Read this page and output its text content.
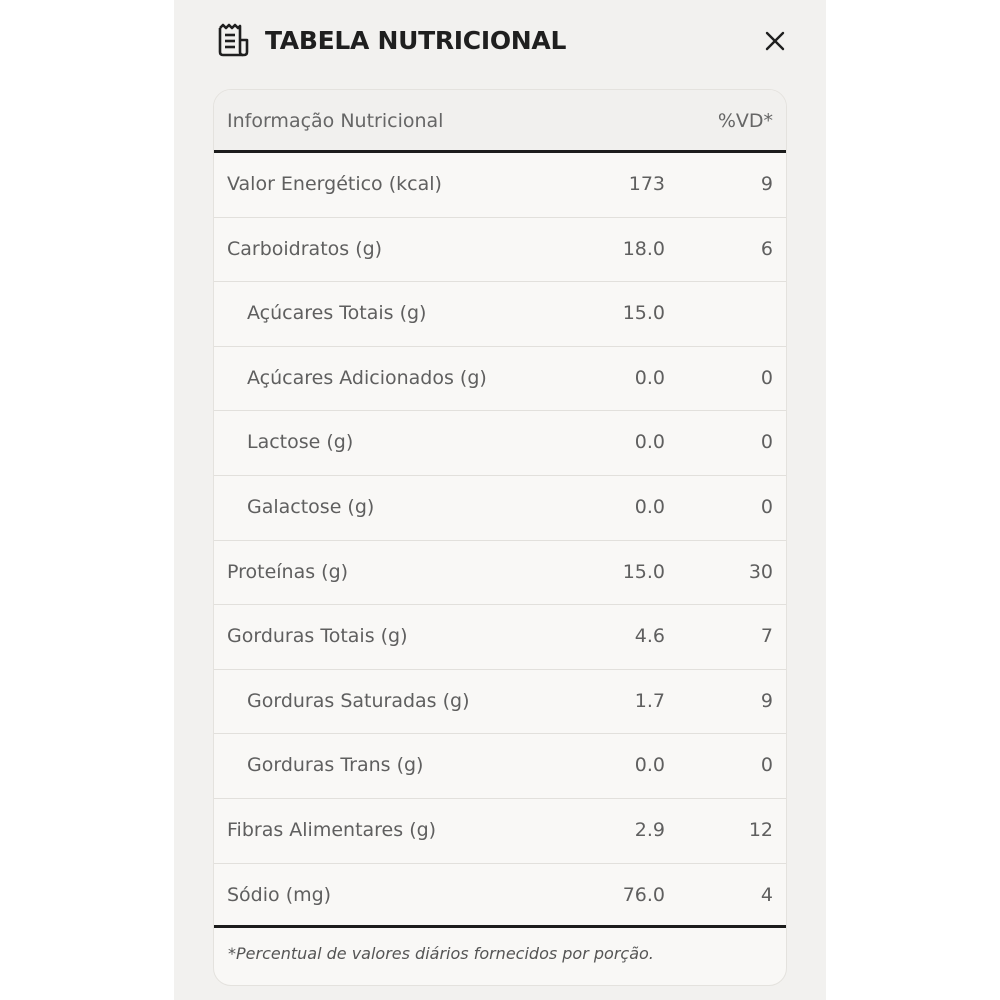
TABELA NUTRICIONAL
Informação Nutricional	%VD*
Valor Energético (kcal)	173	9
Carboidratos (g)	18.0	6
Açúcares Totais (g)	15.0
Açúcares Adicionados (g)	0.0	0
Lactose (g)	0.0	0
Galactose (g)	0.0	0
Proteínas (g)	15.0	30
Gorduras Totais (g)	4.6	7
Gorduras Saturadas (g)	1.7	9
Gorduras Trans (g)	0.0	0
Fibras Alimentares (g)	2.9	12
Sódio (mg)	76.0	4
*Percentual de valores diários fornecidos por porção.
